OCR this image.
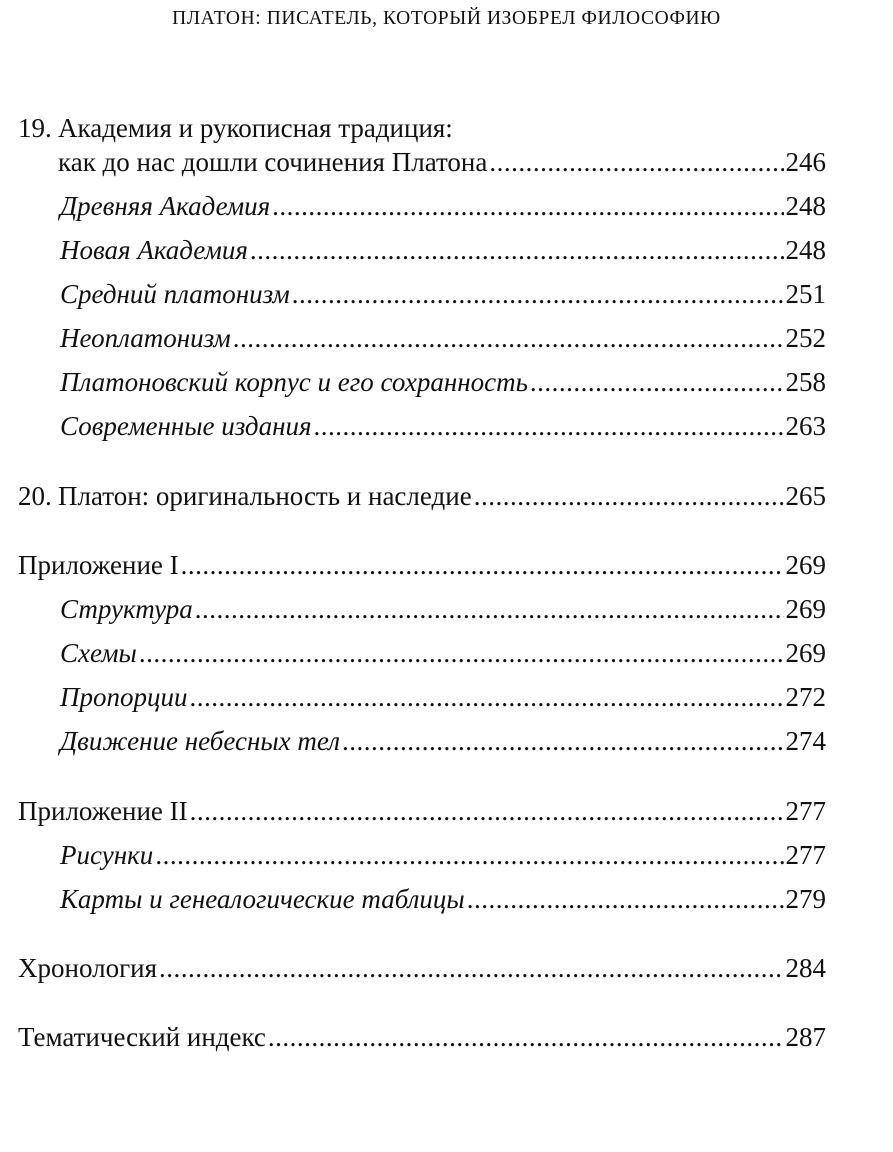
ПЛАТОН: ПИСАТЕЛЬ, КОТОРЫЙ ИЗОБРЕЛ ФИЛОСОФИЮ
19. Академия и рукописная традиция:
как до нас дошли сочинения Платона .....	246
Древняя Академия .....	248
Новая Академия .....	248
Средний платонизм .....	251
Неоплатонизм .....	252
Платоновский корпус и его сохранность .....	258
Современные издания .....	263
20. Платон: оригинальность и наследие .....	265
Приложение I .....	269
Структура .....	269
Схемы .....	269
Пропорции .....	272
Движение небесных тел .....	274
Приложение II .....	277
Рисунки .....	277
Карты и генеалогические таблицы .....	279
Хронология .....	284
Тематический индекс .....	287
